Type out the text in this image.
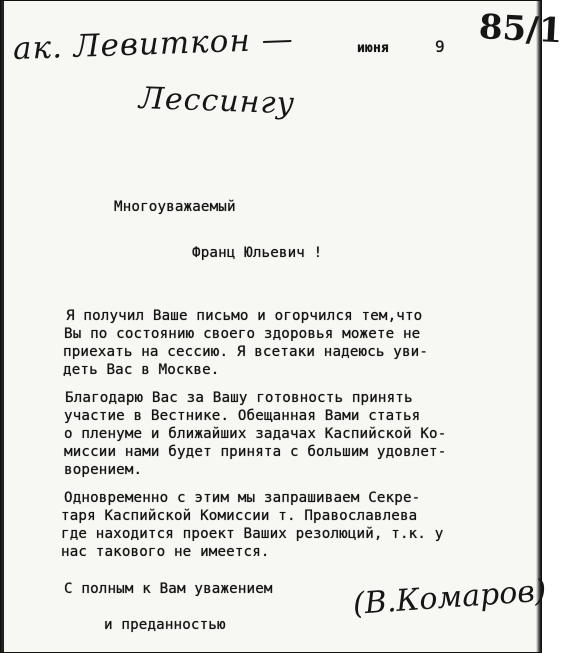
ак. Левиткон —
Лессингу
июня	9 85/1
Многоуважаемый
Франц Юльевич !
Я получил Ваше письмо и огорчился тем,что
Вы по состоянию своего здоровья можете не
приехать на сессию. Я всетаки надеюсь уви-
деть Вас в Москве.
Благодарю Вас за Вашу готовность принять
участие в Вестнике. Обещанная Вами статья
о пленуме и ближайших задачах Каспийской Ко-
миссии нами будет принята с большим удовлет-
ворением.
Одновременно с этим мы запрашиваем Секре-
таря Каспийской Комиссии т. Православлева
где находится проект Ваших резолюций, т.к. у
нас такового не имеется.
С полным к Вам уважением
и преданностью
(В.Комаров)
